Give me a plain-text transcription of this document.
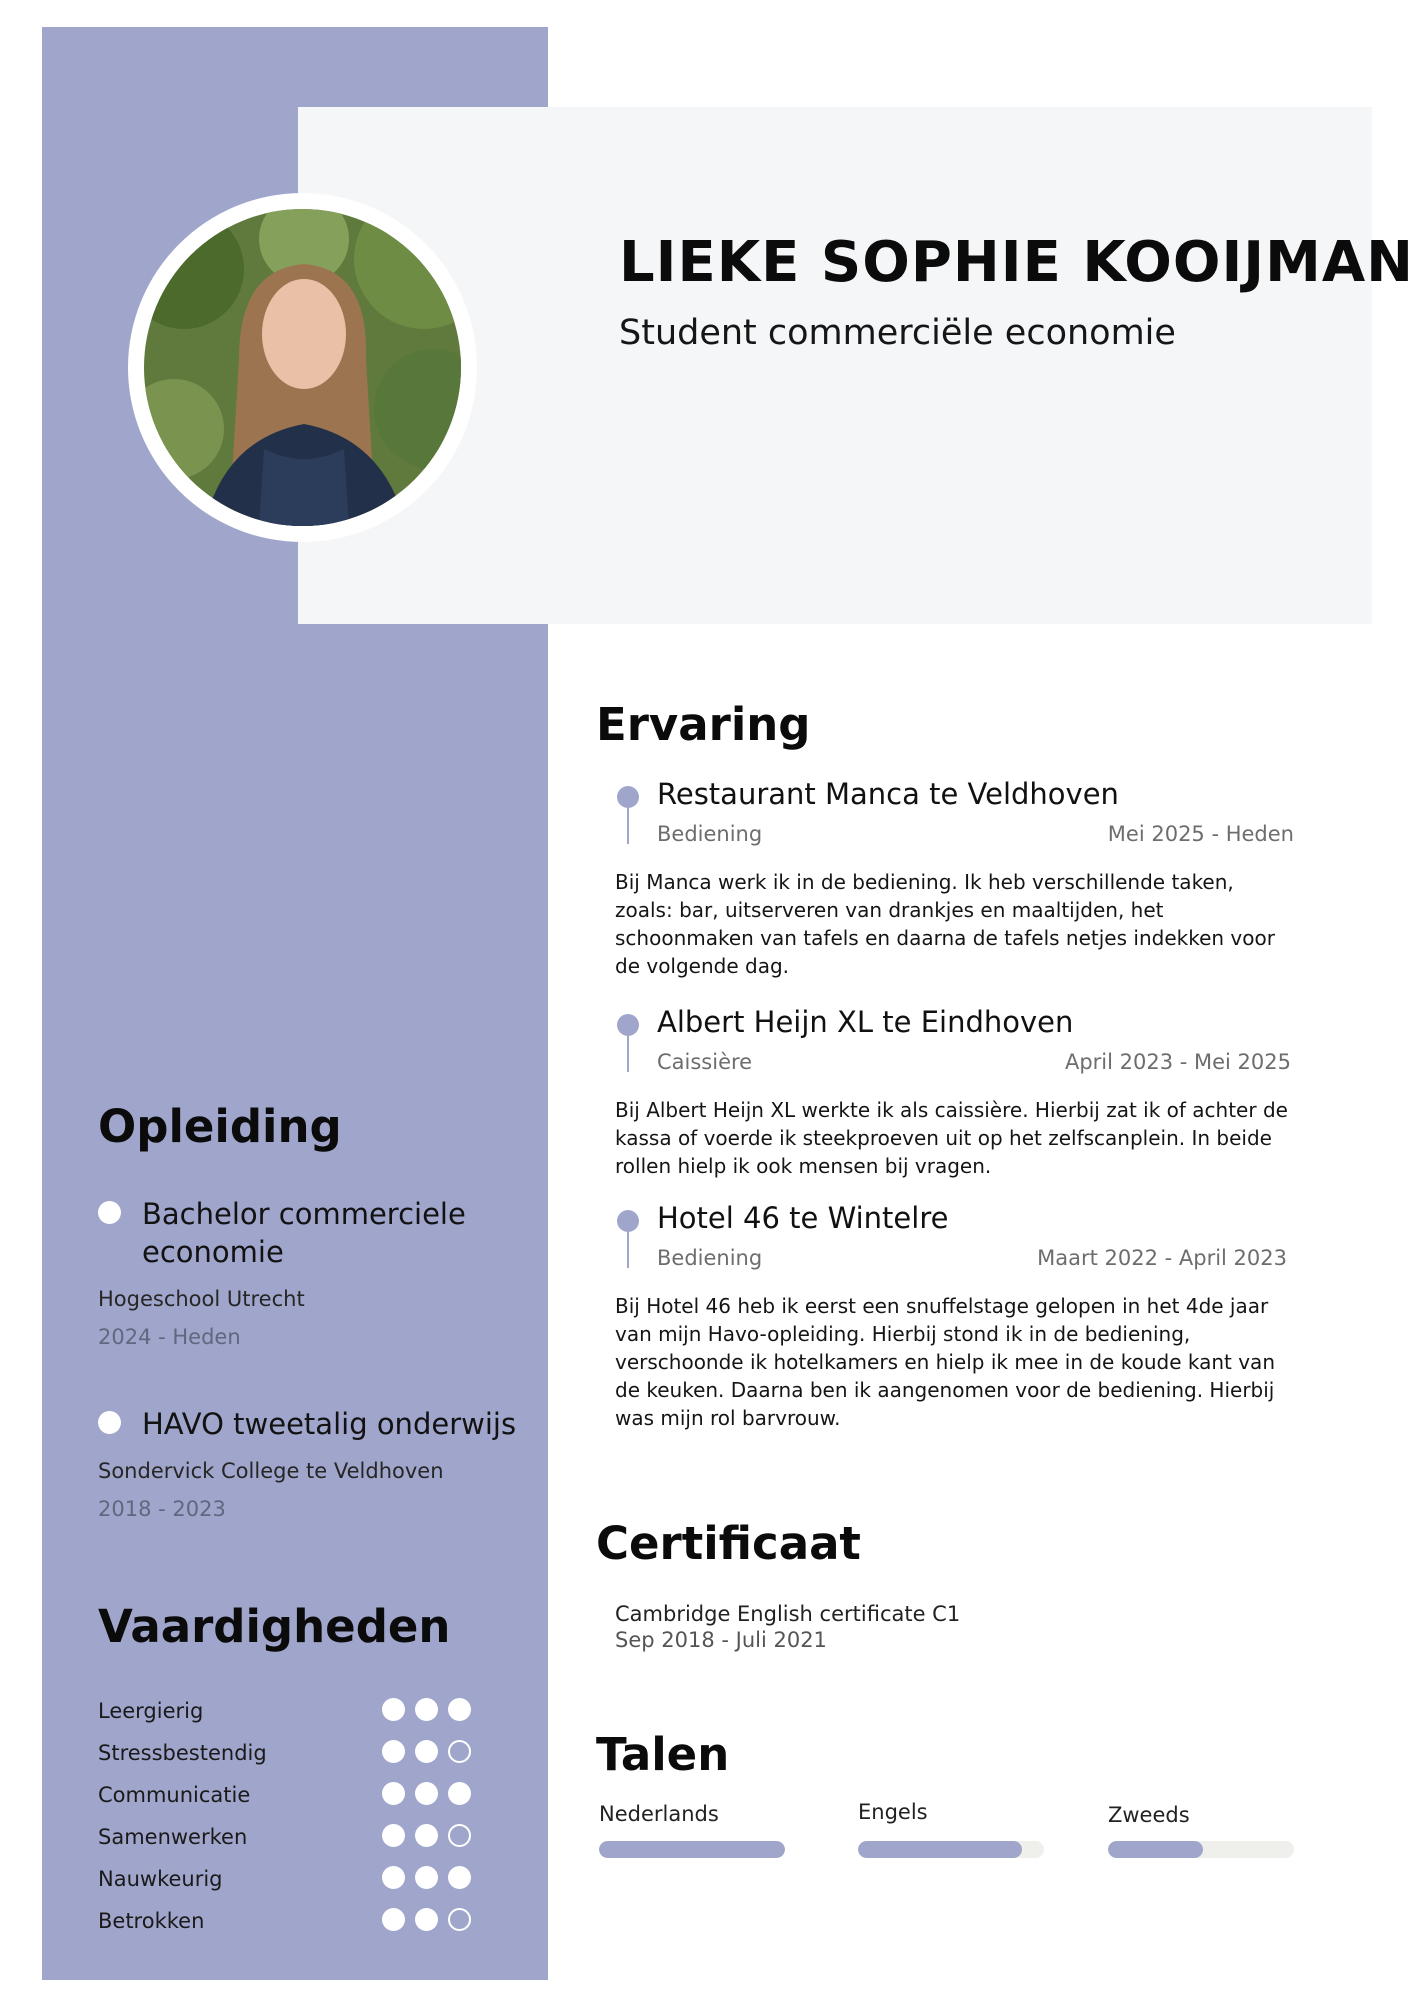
LIEKE SOPHIE KOOIJMAN
Student commerciële economie
Opleiding
Bachelor commerciele economie
Hogeschool Utrecht
2024 - Heden
HAVO tweetalig onderwijs
Sondervick College te Veldhoven
2018 - 2023
Vaardigheden
Leergierig
Stressbestendig
Communicatie
Samenwerken
Nauwkeurig
Betrokken
Ervaring
Restaurant Manca te Veldhoven
Bediening	Mei 2025 - Heden
Bij Manca werk ik in de bediening. Ik heb verschillende taken, zoals: bar, uitserveren van drankjes en maaltijden, het schoonmaken van tafels en daarna de tafels netjes indekken voor de volgende dag.
Albert Heijn XL te Eindhoven
Caissière	April 2023 - Mei 2025
Bij Albert Heijn XL werkte ik als caissière. Hierbij zat ik of achter de kassa of voerde ik steekproeven uit op het zelfscanplein. In beide rollen hielp ik ook mensen bij vragen.
Hotel 46 te Wintelre
Bediening	Maart 2022 - April 2023
Bij Hotel 46 heb ik eerst een snuffelstage gelopen in het 4de jaar van mijn Havo-opleiding. Hierbij stond ik in de bediening, verschoonde ik hotelkamers en hielp ik mee in de koude kant van de keuken. Daarna ben ik aangenomen voor de bediening. Hierbij was mijn rol barvrouw.
Certificaat
Cambridge English certificate C1
Sep 2018 - Juli 2021
Talen
Nederlands	Engels	Zweeds
